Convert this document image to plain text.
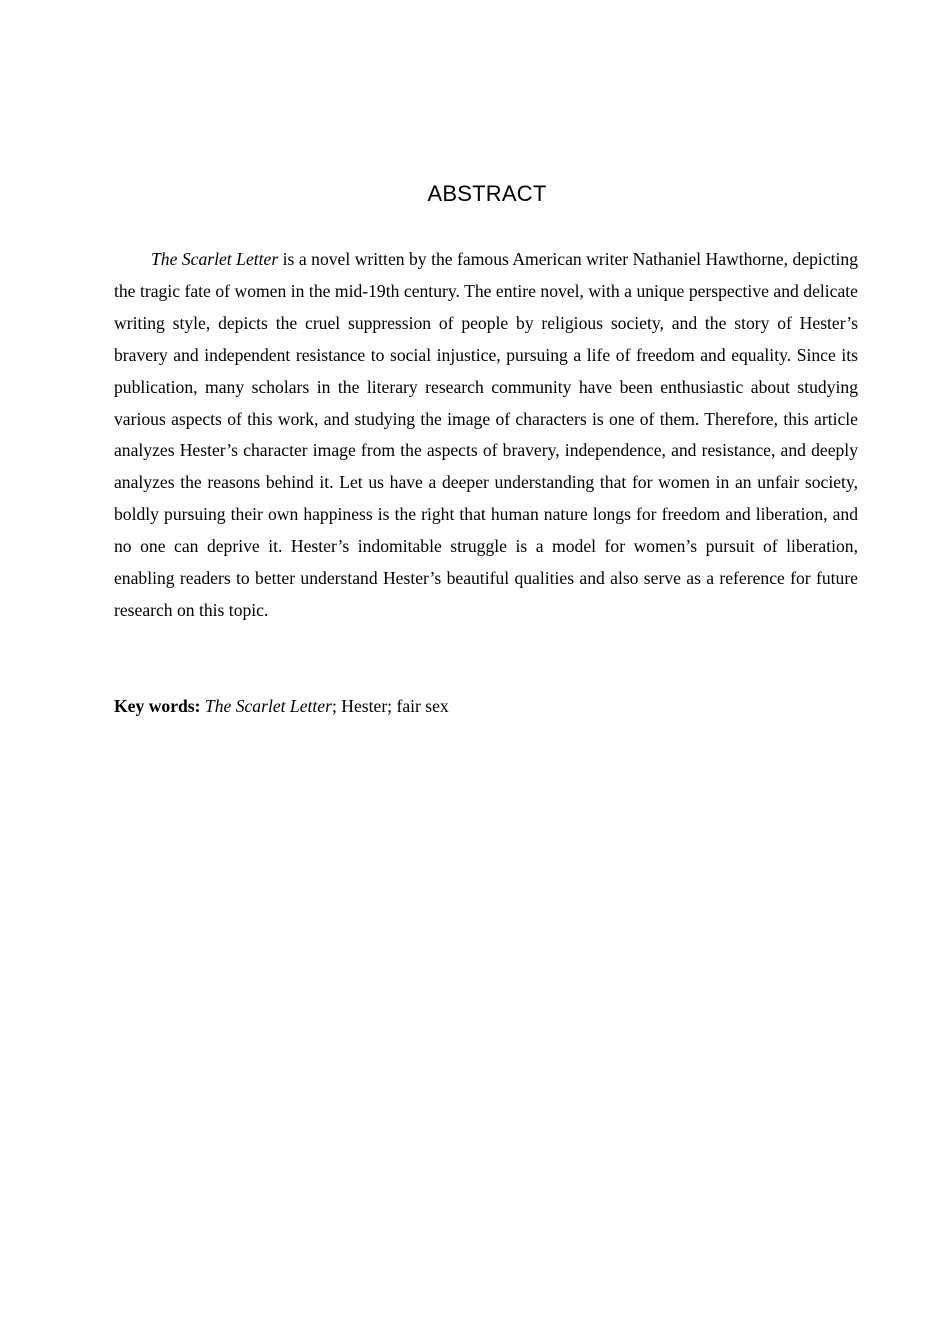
ABSTRACT

The Scarlet Letter is a novel written by the famous American writer Nathaniel Hawthorne, depicting the tragic fate of women in the mid-19th century. The entire novel, with a unique perspective and delicate writing style, depicts the cruel suppression of people by religious society, and the story of Hester’s bravery and independent resistance to social injustice, pursuing a life of freedom and equality. Since its publication, many scholars in the literary research community have been enthusiastic about studying various aspects of this work, and studying the image of characters is one of them. Therefore, this article analyzes Hester’s character image from the aspects of bravery, independence, and resistance, and deeply analyzes the reasons behind it. Let us have a deeper understanding that for women in an unfair society, boldly pursuing their own happiness is the right that human nature longs for freedom and liberation, and no one can deprive it. Hester’s indomitable struggle is a model for women’s pursuit of liberation, enabling readers to better understand Hester’s beautiful qualities and also serve as a reference for future research on this topic.

Key words: The Scarlet Letter; Hester; fair sex
